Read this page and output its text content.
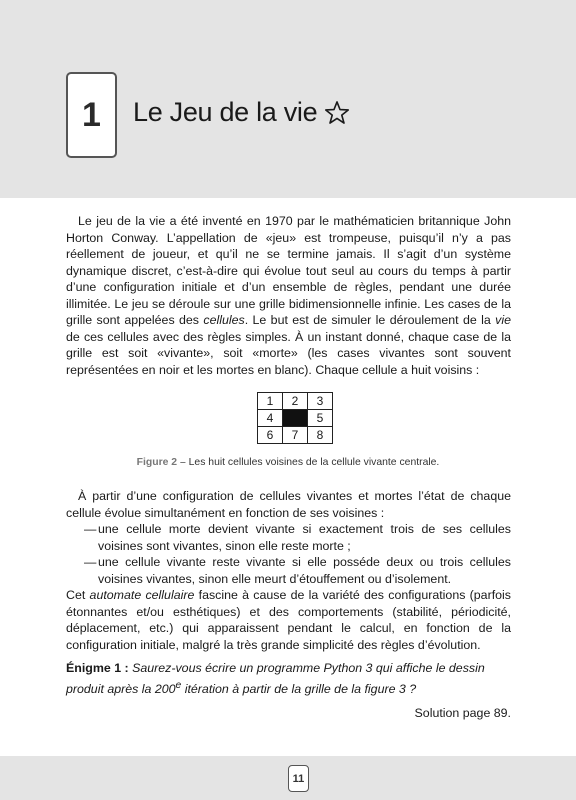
1	Le Jeu de la vie
Le jeu de la vie a été inventé en 1970 par le mathématicien britannique John Horton Conway. L’appellation de «jeu» est trompeuse, puisqu’il n’y a pas réellement de joueur, et qu’il ne se termine jamais. Il s’agit d’un système dynamique discret, c’est-à-dire qui évolue tout seul au cours du temps à partir d’une configuration initiale et d’un ensemble de règles, pendant une durée illimitée. Le jeu se déroule sur une grille bidimensionnelle infinie. Les cases de la grille sont appelées des cellules. Le but est de simuler le déroulement de la vie de ces cellules avec des règles simples. À un instant donné, chaque case de la grille est soit «vivante», soit «morte» (les cases vivantes sont souvent représentées en noir et les mortes en blanc). Chaque cellule a huit voisins :
1	2	3
4		5
6	7	8
Figure 2 – Les huit cellules voisines de la cellule vivante centrale.
À partir d’une configuration de cellules vivantes et mortes l’état de chaque cellule évolue simultanément en fonction de ses voisines :
— une cellule morte devient vivante si exactement trois de ses cellules voisines sont vivantes, sinon elle reste morte ;
— une cellule vivante reste vivante si elle posséde deux ou trois cellules voisines vivantes, sinon elle meurt d’étouffement ou d’isolement.
Cet automate cellulaire fascine à cause de la variété des configurations (parfois étonnantes et/ou esthétiques) et des comportements (stabilité, périodicité, déplacement, etc.) qui apparaissent pendant le calcul, en fonction de la configuration initiale, malgré la très grande simplicité des règles d’évolution.
Énigme 1 : Saurez-vous écrire un programme Python 3 qui affiche le dessin produit après la 200e itération à partir de la grille de la figure 3 ?
Solution page 89.
11
